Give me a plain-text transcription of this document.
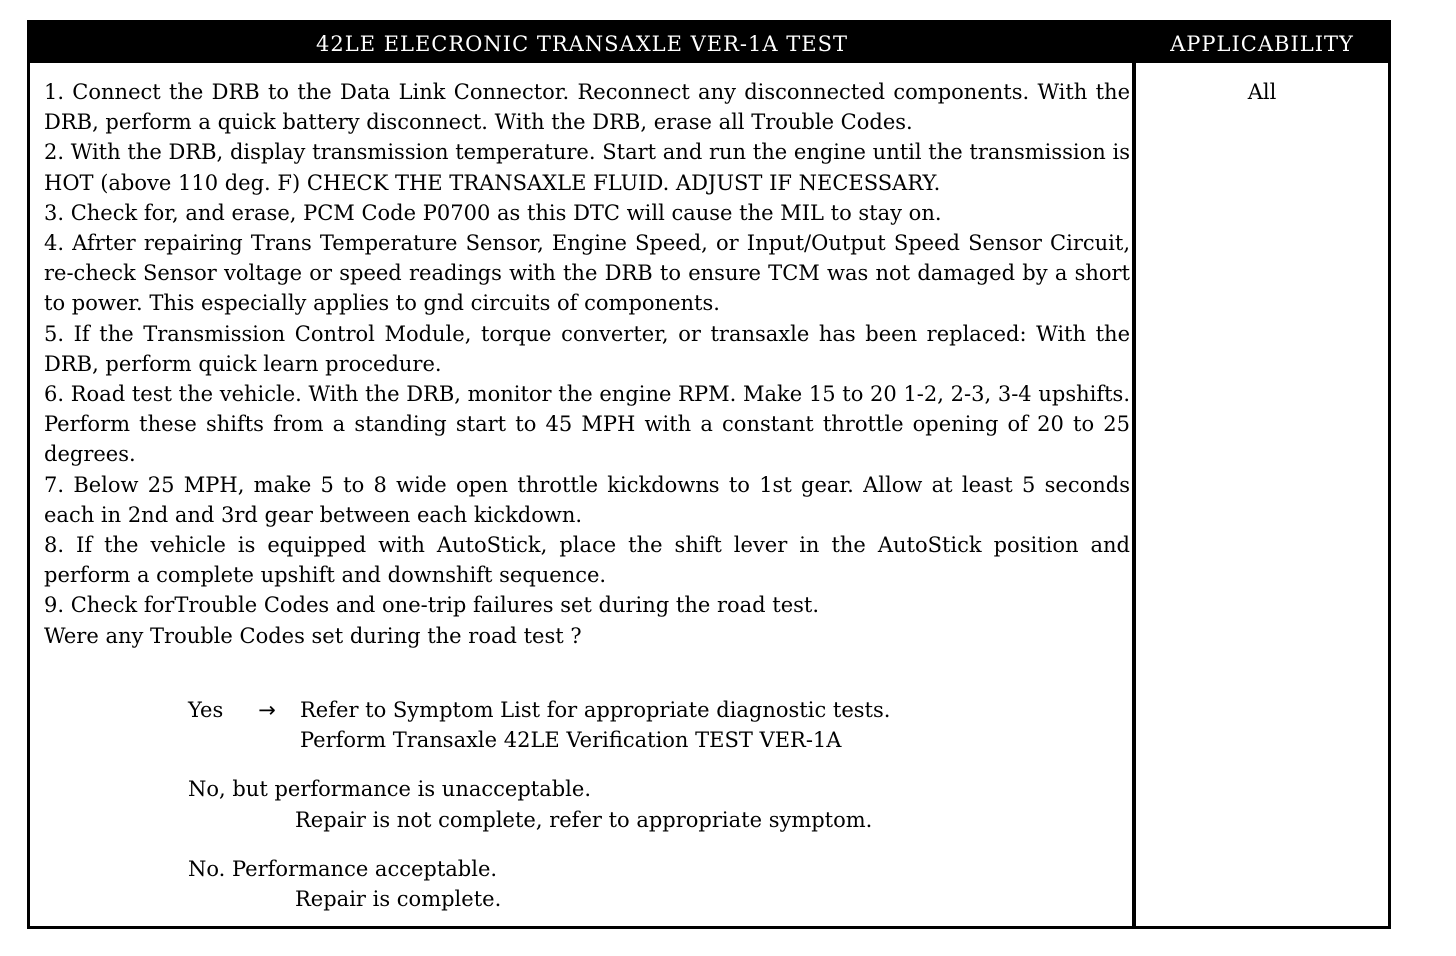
42LE ELECRONIC TRANSAXLE VER-1A TEST	APPLICABILITY

1. Connect the DRB to the Data Link Connector. Reconnect any disconnected components. With the DRB, perform a quick battery disconnect. With the DRB, erase all Trouble Codes.

2. With the DRB, display transmission temperature. Start and run the engine until the transmission is HOT (above 110 deg. F) CHECK THE TRANSAXLE FLUID. ADJUST IF NECESSARY.

3. Check for, and erase, PCM Code P0700 as this DTC will cause the MIL to stay on.

4. Afrter repairing Trans Temperature Sensor, Engine Speed, or Input/Output Speed Sensor Circuit, re-check Sensor voltage or speed readings with the DRB to ensure TCM was not damaged by a short to power. This especially applies to gnd circuits of components.

5. If the Transmission Control Module, torque converter, or transaxle has been replaced: With the DRB, perform quick learn procedure.

6. Road test the vehicle. With the DRB, monitor the engine RPM. Make 15 to 20 1-2, 2-3, 3-4 upshifts. Perform these shifts from a standing start to 45 MPH with a constant throttle opening of 20 to 25 degrees.

7. Below 25 MPH, make 5 to 8 wide open throttle kickdowns to 1st gear. Allow at least 5 seconds each in 2nd and 3rd gear between each kickdown.

8. If the vehicle is equipped with AutoStick, place the shift lever in the AutoStick position and perform a complete upshift and downshift sequence.

9. Check forTrouble Codes and one-trip failures set during the road test.

Were any Trouble Codes set during the road test ?

Yes → Refer to Symptom List for appropriate diagnostic tests.
Perform Transaxle 42LE Verification TEST VER-1A
No, but performance is unacceptable.
Repair is not complete, refer to appropriate symptom.
No. Performance acceptable.
Repair is complete.
All
